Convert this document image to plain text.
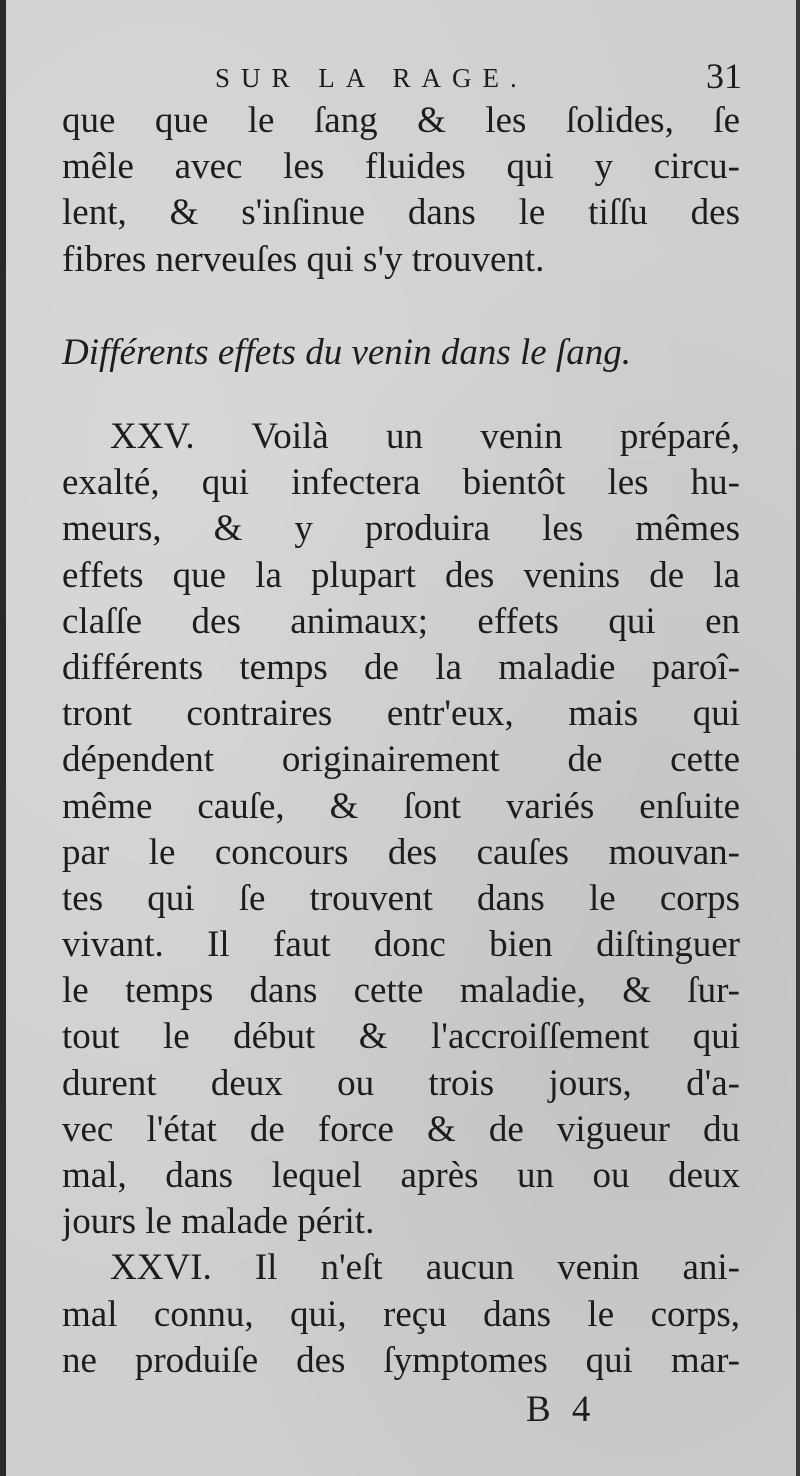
SUR LA RAGE.	31
que que le ſang & les ſolides, ſe
mêle avec les fluides qui y circu-
lent, & s'inſinue dans le tiſſu des
fibres nerveuſes qui s'y trouvent.
Différents effets du venin dans le ſang.
XXV. Voilà un venin préparé,
exalté, qui infectera bientôt les hu-
meurs, & y produira les mêmes
effets que la plupart des venins de la
claſſe des animaux; effets qui en
différents temps de la maladie paroî-
tront contraires entr'eux, mais qui
dépendent originairement de cette
même cauſe, & ſont variés enſuite
par le concours des cauſes mouvan-
tes qui ſe trouvent dans le corps
vivant. Il faut donc bien diſtinguer
le temps dans cette maladie, & ſur-
tout le début & l'accroiſſement qui
durent deux ou trois jours, d'a-
vec l'état de force & de vigueur du
mal, dans lequel après un ou deux
jours le malade périt.
XXVI. Il n'eſt aucun venin ani-
mal connu, qui, reçu dans le corps,
ne produiſe des ſymptomes qui mar-
B 4
